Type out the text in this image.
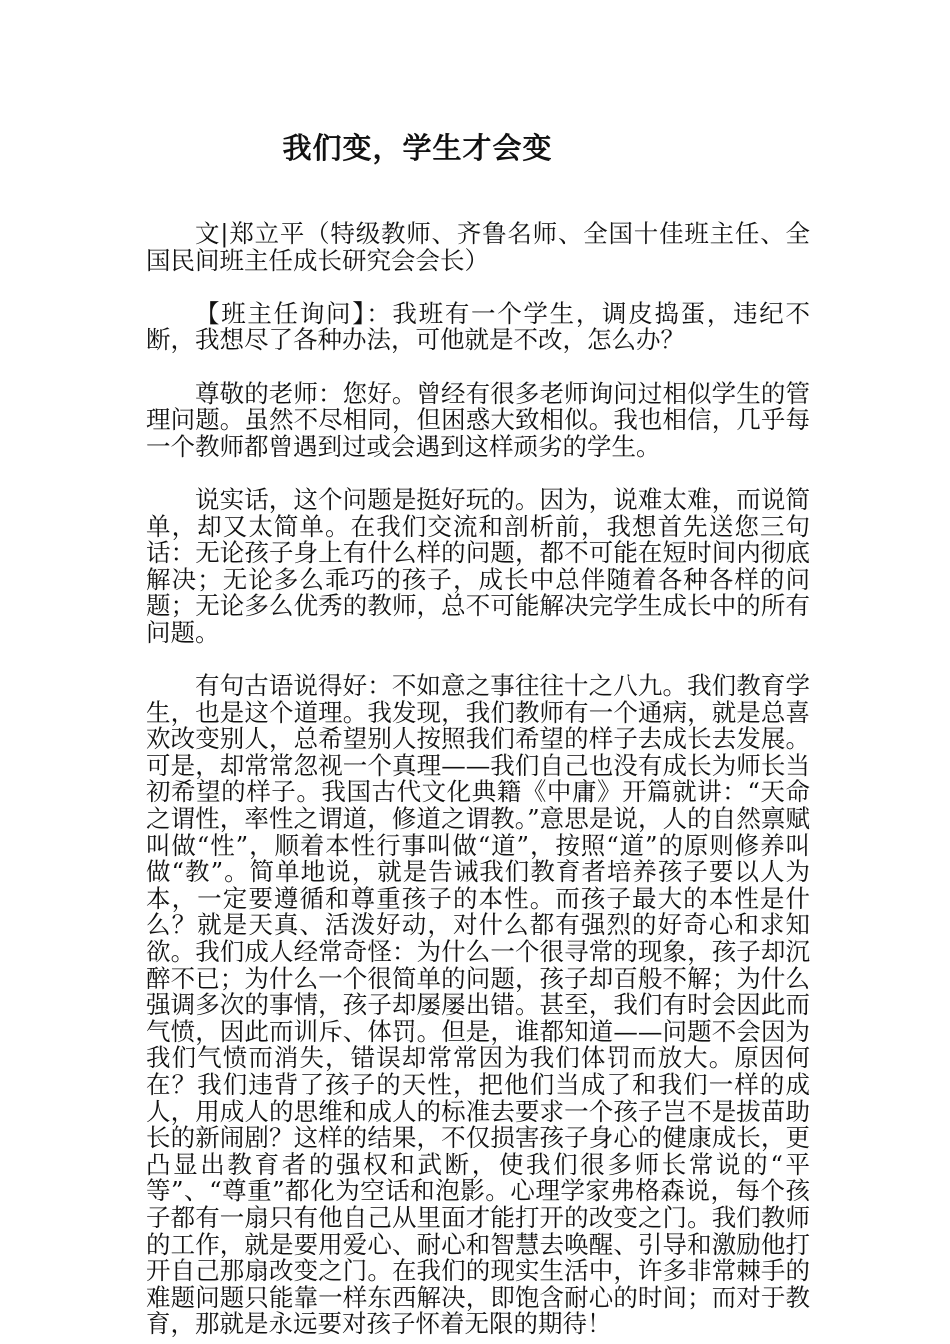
我们变，学生才会变

文|郑立平（特级教师、齐鲁名师、全国十佳班主任、全国民间班主任成长研究会会长）

【班主任询问】：我班有一个学生，调皮捣蛋，违纪不断，我想尽了各种办法，可他就是不改，怎么办？

尊敬的老师：您好。曾经有很多老师询问过相似学生的管理问题。虽然不尽相同，但困惑大致相似。我也相信，几乎每一个教师都曾遇到过或会遇到这样顽劣的学生。

说实话，这个问题是挺好玩的。因为，说难太难，而说简单，却又太简单。在我们交流和剖析前，我想首先送您三句话：无论孩子身上有什么样的问题，都不可能在短时间内彻底解决；无论多么乖巧的孩子，成长中总伴随着各种各样的问题；无论多么优秀的教师，总不可能解决完学生成长中的所有问题。

有句古语说得好：不如意之事往往十之八九。我们教育学生，也是这个道理。我发现，我们教师有一个通病，就是总喜欢改变别人，总希望别人按照我们希望的样子去成长去发展。可是，却常常忽视一个真理——我们自己也没有成长为师长当初希望的样子。我国古代文化典籍《中庸》开篇就讲：“天命之谓性，率性之谓道，修道之谓教。”意思是说，人的自然禀赋叫做“性”，顺着本性行事叫做“道”，按照“道”的原则修养叫做“教”。简单地说，就是告诫我们教育者培养孩子要以人为本，一定要遵循和尊重孩子的本性。而孩子最大的本性是什么？就是天真、活泼好动，对什么都有强烈的好奇心和求知欲。我们成人经常奇怪：为什么一个很寻常的现象，孩子却沉醉不已；为什么一个很简单的问题，孩子却百般不解；为什么强调多次的事情，孩子却屡屡出错。甚至，我们有时会因此而气愤，因此而训斥、体罚。但是，谁都知道——问题不会因为我们气愤而消失，错误却常常因为我们体罚而放大。原因何在？我们违背了孩子的天性，把他们当成了和我们一样的成人，用成人的思维和成人的标准去要求一个孩子岂不是拔苗助长的新闹剧？这样的结果，不仅损害孩子身心的健康成长，更凸显出教育者的强权和武断，使我们很多师长常说的“平等”、“尊重”都化为空话和泡影。心理学家弗格森说，每个孩子都有一扇只有他自己从里面才能打开的改变之门。我们教师的工作，就是要用爱心、耐心和智慧去唤醒、引导和激励他打开自己那扇改变之门。在我们的现实生活中，许多非常棘手的难题问题只能靠一样东西解决，即饱含耐心的时间；而对于教育，那就是永远要对孩子怀着无限的期待！
